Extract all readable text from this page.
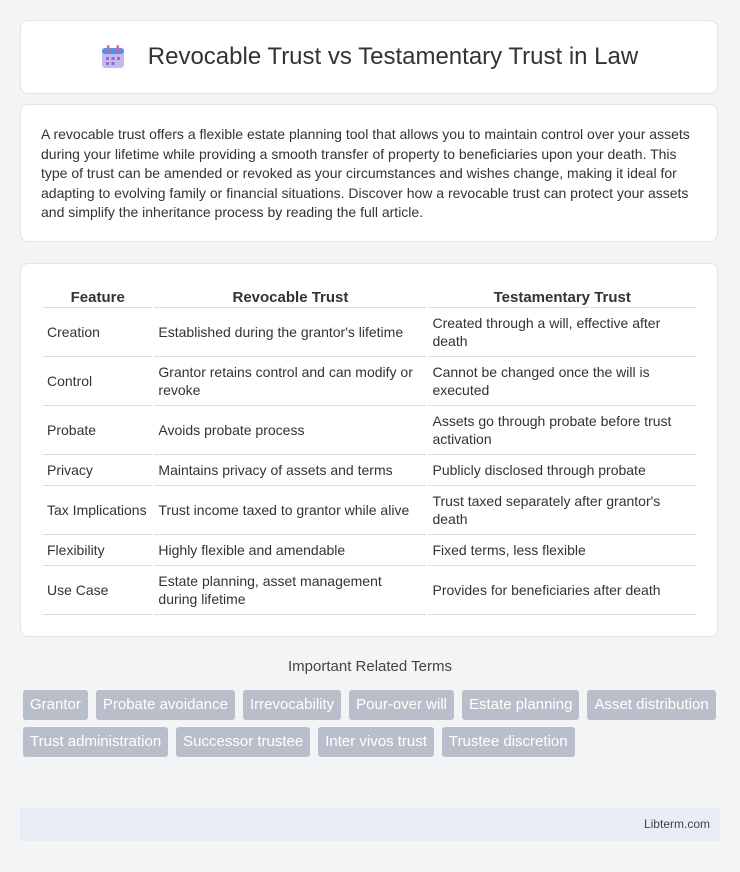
Revocable Trust vs Testamentary Trust in Law
A revocable trust offers a flexible estate planning tool that allows you to maintain control over your assets during your lifetime while providing a smooth transfer of property to beneficiaries upon your death. This type of trust can be amended or revoked as your circumstances and wishes change, making it ideal for adapting to evolving family or financial situations. Discover how a revocable trust can protect your assets and simplify the inheritance process by reading the full article.
Feature	Revocable Trust	Testamentary Trust
Creation	Established during the grantor's lifetime	Created through a will, effective after death
Control	Grantor retains control and can modify or revoke	Cannot be changed once the will is executed
Probate	Avoids probate process	Assets go through probate before trust activation
Privacy	Maintains privacy of assets and terms	Publicly disclosed through probate
Tax Implications	Trust income taxed to grantor while alive	Trust taxed separately after grantor's death
Flexibility	Highly flexible and amendable	Fixed terms, less flexible
Use Case	Estate planning, asset management during lifetime	Provides for beneficiaries after death
Important Related Terms
Grantor	Probate avoidance	Irrevocability	Pour-over will	Estate planning	Asset distribution
Trust administration	Successor trustee	Inter vivos trust	Trustee discretion
Libterm.com
